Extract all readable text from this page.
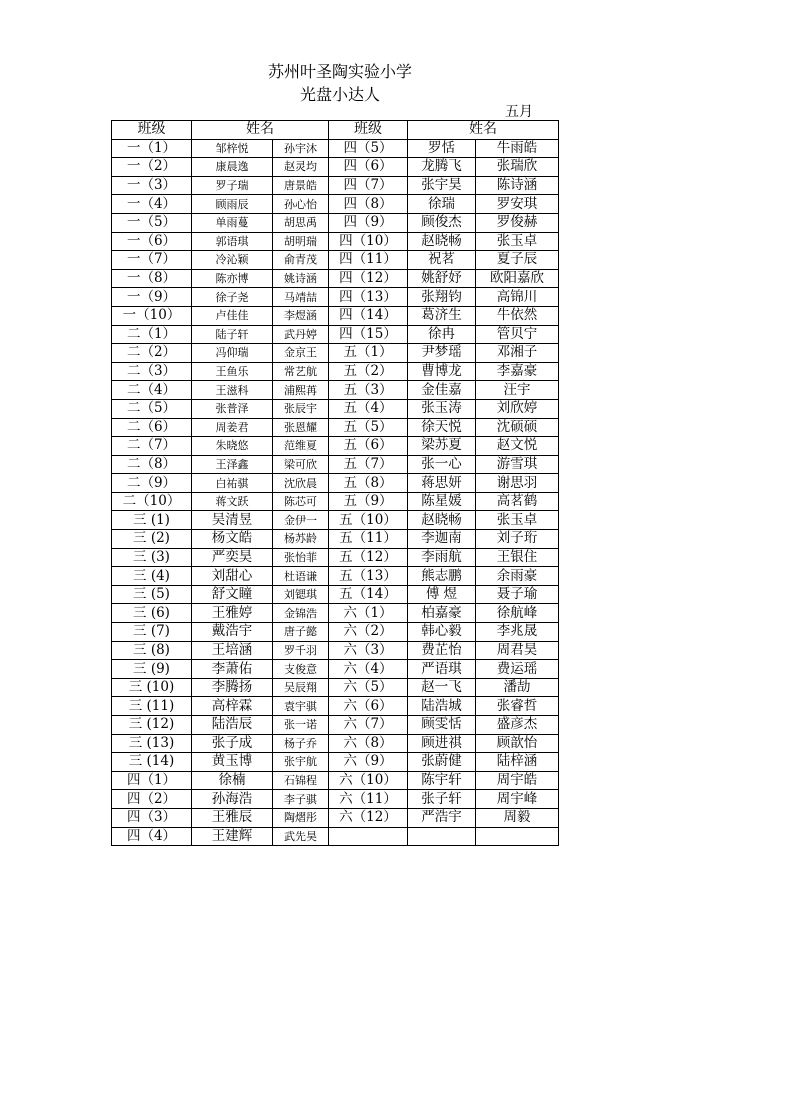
苏州叶圣陶实验小学
光盘小达人
五月
班级	姓名		班级	姓名	
一（1）	邹梓悦	孙宇沐	四（5）	罗恬	牛雨皓
一（2）	康晨逸	赵灵均	四（6）	龙腾飞	张瑞欣
一（3）	罗子瑞	唐景皓	四（7）	张宇昊	陈诗涵
一（4）	顾雨辰	孙心怡	四（8）	徐瑞	罗安琪
一（5）	单雨蔓	胡思禹	四（9）	顾俊杰	罗俊赫
一（6）	郭语琪	胡明瑞	四（10）	赵晓畅	张玉卓
一（7）	冷沁颖	俞青茂	四（11）	祝茗	夏子辰
一（8）	陈亦博	姚诗涵	四（12）	姚舒妤	欧阳嘉欣
一（9）	徐子尧	马靖喆	四（13）	张翔钧	高锦川
一（10）	卢佳佳	李煜涵	四（14）	葛济生	牛依然
二（1）	陆子轩	武丹婷	四（15）	徐冉	管贝宁
二（2）	冯仰瑞	金京王	五（1）	尹梦瑶	邓湘子
二（3）	王鱼乐	常艺航	五（2）	曹博龙	李嘉豪
二（4）	王滋科	浦熙苒	五（3）	金佳嘉	汪宇
二（5）	张普泽	张辰宇	五（4）	张玉涛	刘欣婷
二（6）	周姜君	张恩耀	五（5）	徐天悦	沈硕硕
二（7）	朱晓悠	范维夏	五（6）	梁苏夏	赵文悦
二（8）	王泽鑫	梁可欣	五（7）	张一心	游雪琪
二（9）	白祐骐	沈欣晨	五（8）	蒋思妍	谢思羽
二（10）	蒋文跃	陈芯可	五（9）	陈星媛	高茗鹤
三 (1)	吴清昱	金伊一	五（10）	赵晓畅	张玉卓
三 (2)	杨文皓	杨苏龄	五（11）	李迦南	刘子珩
三 (3)	严奕昊	张怡菲	五（12）	李雨航	王银住
三 (4)	刘甜心	杜语谦	五（13）	熊志鹏	余雨豪
三 (5)	舒文瞳	刘锶琪	五（14）	傅 煜	聂子瑜
三 (6)	王雅婷	金锦浩	六（1）	柏嘉豪	徐航峰
三 (7)	戴浩宇	唐子懿	六（2）	韩心毅	李兆晟
三 (8)	王培涵	罗千羽	六（3）	费芷怡	周君昊
三 (9)	李萧佑	支俊意	六（4）	严语琪	费运瑶
三 (10)	李腾扬	吴辰翔	六（5）	赵一飞	潘劼
三 (11)	高梓霖	袁宇骐	六（6）	陆浩城	张睿哲
三 (12)	陆浩辰	张一诺	六（7）	顾雯恬	盛彦杰
三 (13)	张子成	杨子乔	六（8）	顾进祺	顾歆怡
三 (14)	黄玉博	张宇航	六（9）	张蔚健	陆梓涵
四（1）	徐楠	石锦程	六（10）	陈宇轩	周宇皓
四（2）	孙海浩	李子骐	六（11）	张子轩	周宇峰
四（3）	王雅辰	陶熠彤	六（12）	严浩宇	周毅
四（4）	王建辉	武先昊			
